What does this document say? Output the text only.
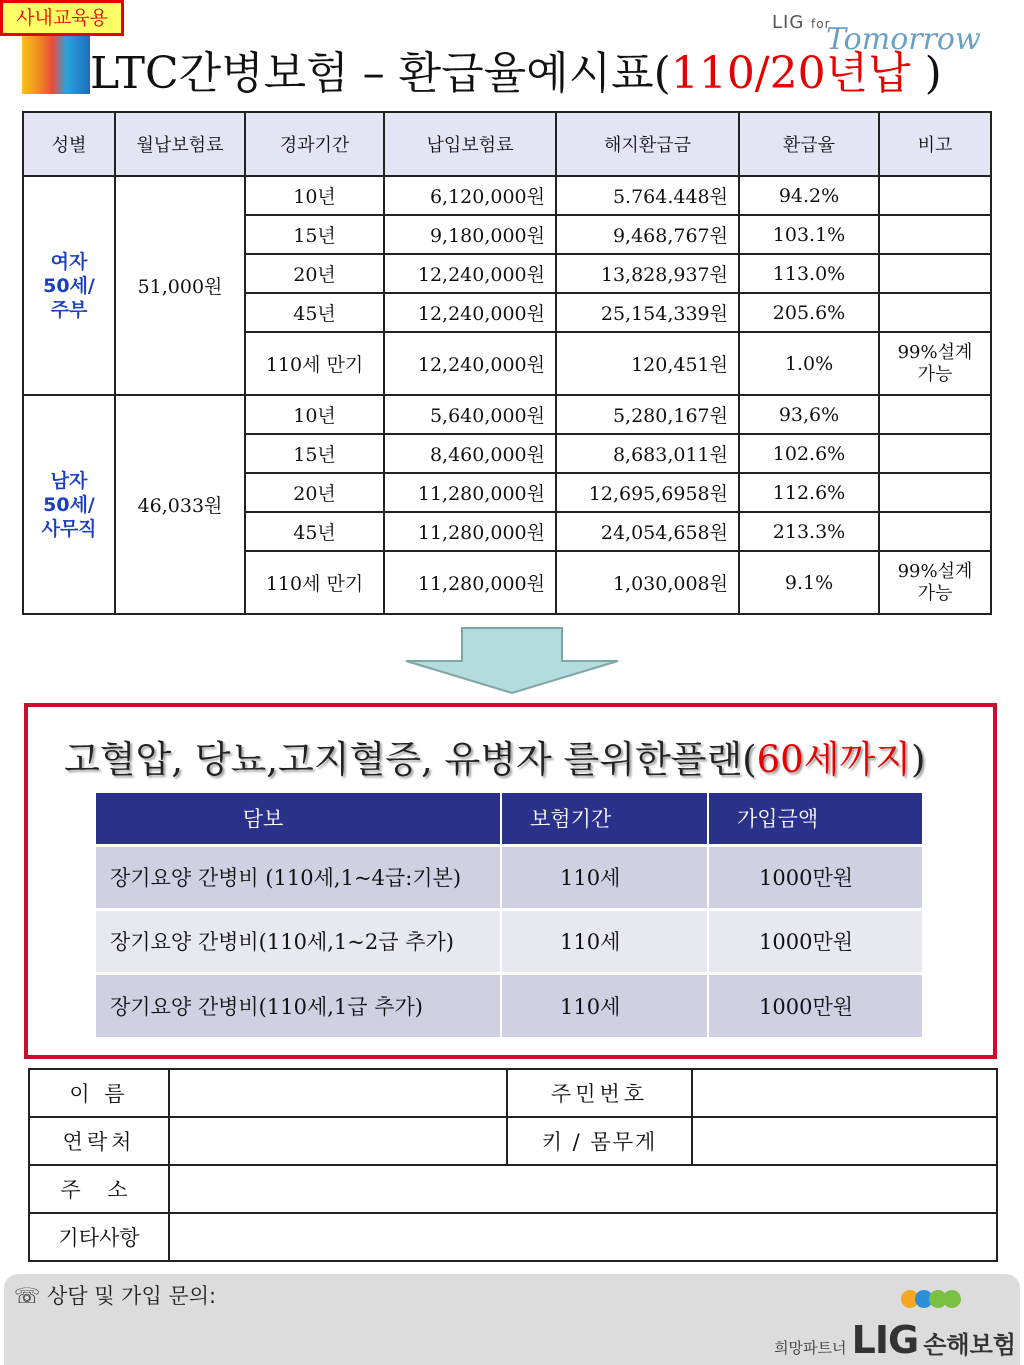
사내교육용
LTC간병보험 – 환급율예시표(110/20년납 )
LIG for
Tomorrow
성별	월납보험료	경과기간	납입보험료	해지환급금	환급율	비고

여자
50세/
주부	51,000원	10년	6,120,000원	5.764.448원	94.2%	
		15년	9,180,000원	9,468,767원	103.1%	
		20년	12,240,000원	13,828,937원	113.0%	
		45년	12,240,000원	25,154,339원	205.6%	
		110세 만기	12,240,000원	120,451원	1.0%	99%설계
가능

남자
50세/
사무직	46,033원	10년	5,640,000원	5,280,167원	93,6%	
		15년	8,460,000원	8,683,011원	102.6%	
		20년	11,280,000원	12,695,6958원	112.6%	
		45년	11,280,000원	24,054,658원	213.3%	
		110세 만기	11,280,000원	1,030,008원	9.1%	99%설계
가능
고혈압, 당뇨,고지혈증, 유병자 를위한플랜(60세까지)
담보	보험기간	가입금액
장기요양 간병비 (110세,1~4급:기본)	110세	1000만원
장기요양 간병비(110세,1~2급 추가)	110세	1000만원
장기요양 간병비(110세,1급 추가)	110세	1000만원
이 름		주민번호	
연락처		키 / 몸무게	
주 소			
기타사항			
☏ 상담 및 가입 문의:
희망파트너 LIG 손해보험
